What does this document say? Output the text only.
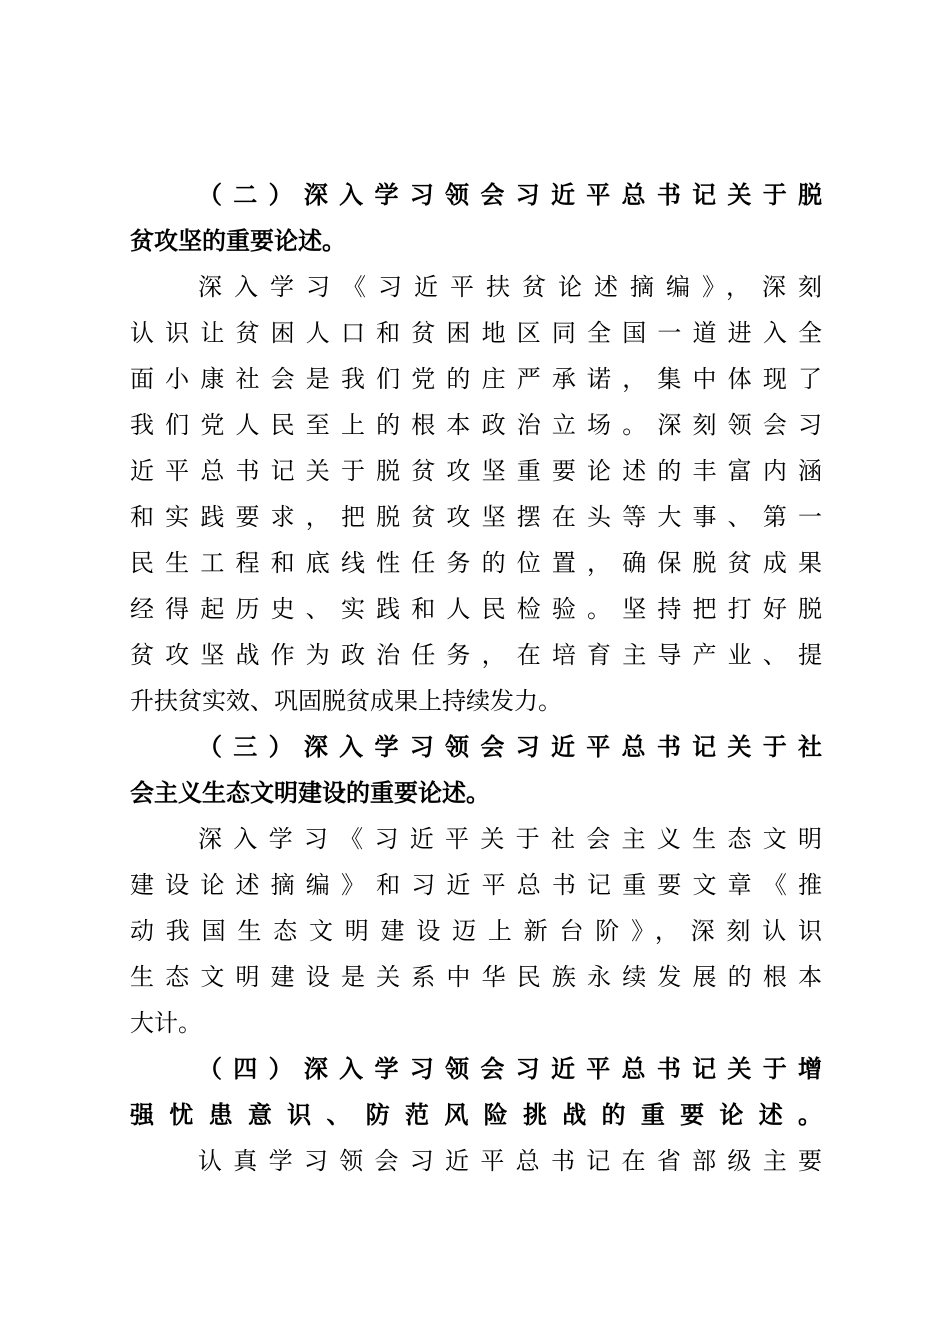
（二）深入学习领会习近平总书记关于脱
贫攻坚的重要论述。
深入学习《习近平扶贫论述摘编》，深刻
认识让贫困人口和贫困地区同全国一道进入全
面小康社会是我们党的庄严承诺，集中体现了
我们党人民至上的根本政治立场。深刻领会习
近平总书记关于脱贫攻坚重要论述的丰富内涵
和实践要求，把脱贫攻坚摆在头等大事、第一
民生工程和底线性任务的位置，确保脱贫成果
经得起历史、实践和人民检验。坚持把打好脱
贫攻坚战作为政治任务，在培育主导产业、提
升扶贫实效、巩固脱贫成果上持续发力。
（三）深入学习领会习近平总书记关于社
会主义生态文明建设的重要论述。
深入学习《习近平关于社会主义生态文明
建设论述摘编》和习近平总书记重要文章《推
动我国生态文明建设迈上新台阶》，深刻认识
生态文明建设是关系中华民族永续发展的根本
大计。
（四）深入学习领会习近平总书记关于增
强忧患意识、防范风险挑战的重要论述。
认真学习领会习近平总书记在省部级主要
